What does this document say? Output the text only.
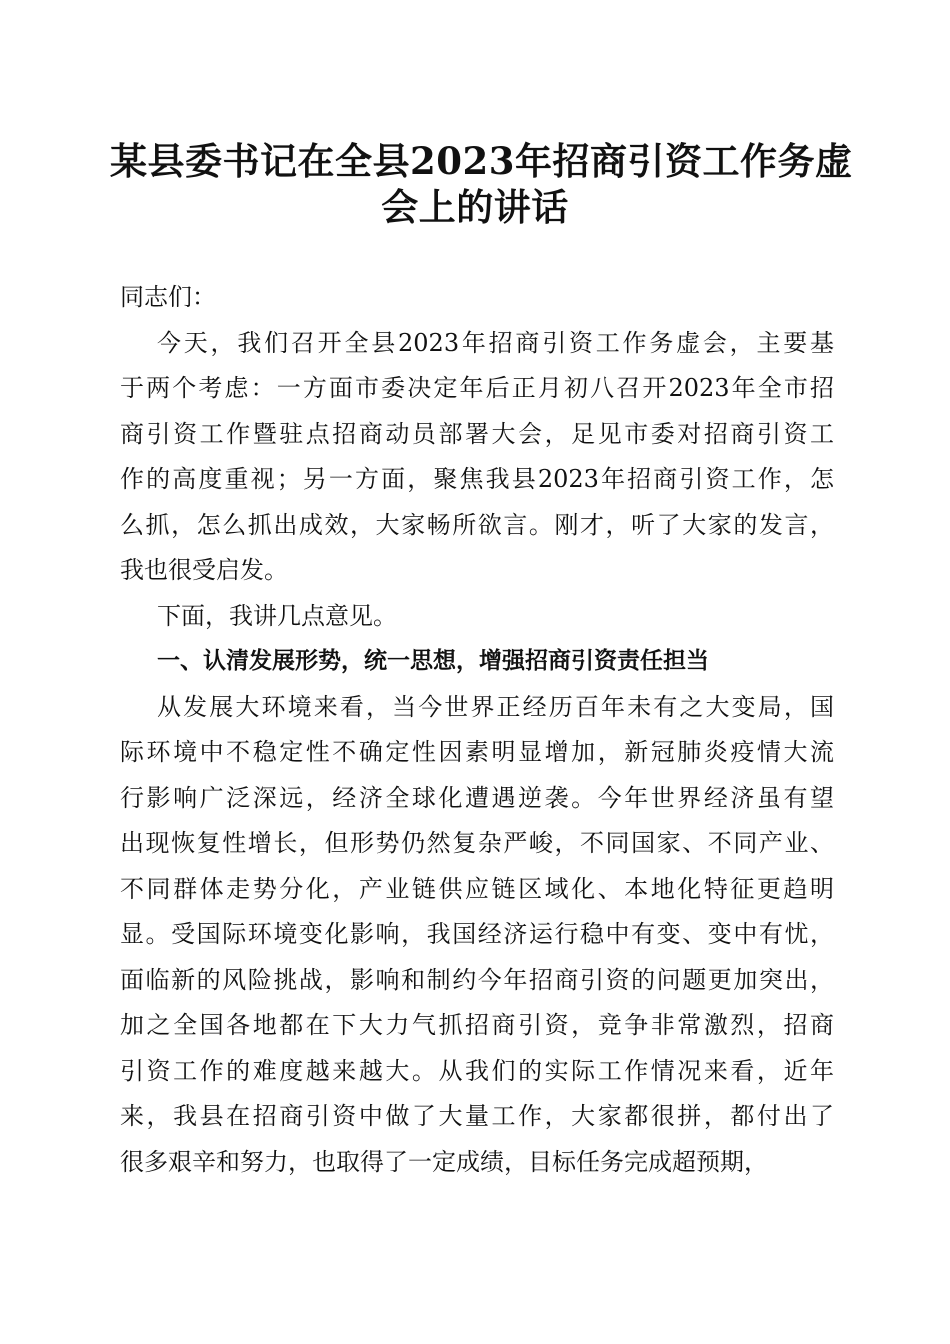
某县委书记在全县2023年招商引资工作务虚
会上的讲话
同志们：
今天，我们召开全县2023年招商引资工作务虚会，主要基
于两个考虑：一方面市委决定年后正月初八召开2023年全市招
商引资工作暨驻点招商动员部署大会，足见市委对招商引资工
作的高度重视；另一方面，聚焦我县2023年招商引资工作，怎
么抓，怎么抓出成效，大家畅所欲言。刚才，听了大家的发言，
我也很受启发。
下面，我讲几点意见。
一、认清发展形势，统一思想，增强招商引资责任担当
从发展大环境来看，当今世界正经历百年未有之大变局，国
际环境中不稳定性不确定性因素明显增加，新冠肺炎疫情大流
行影响广泛深远，经济全球化遭遇逆袭。今年世界经济虽有望
出现恢复性增长，但形势仍然复杂严峻，不同国家、不同产业、
不同群体走势分化，产业链供应链区域化、本地化特征更趋明
显。受国际环境变化影响，我国经济运行稳中有变、变中有忧，
面临新的风险挑战，影响和制约今年招商引资的问题更加突出，
加之全国各地都在下大力气抓招商引资，竞争非常激烈，招商
引资工作的难度越来越大。从我们的实际工作情况来看，近年
来，我县在招商引资中做了大量工作，大家都很拼，都付出了
很多艰辛和努力，也取得了一定成绩，目标任务完成超预期，
